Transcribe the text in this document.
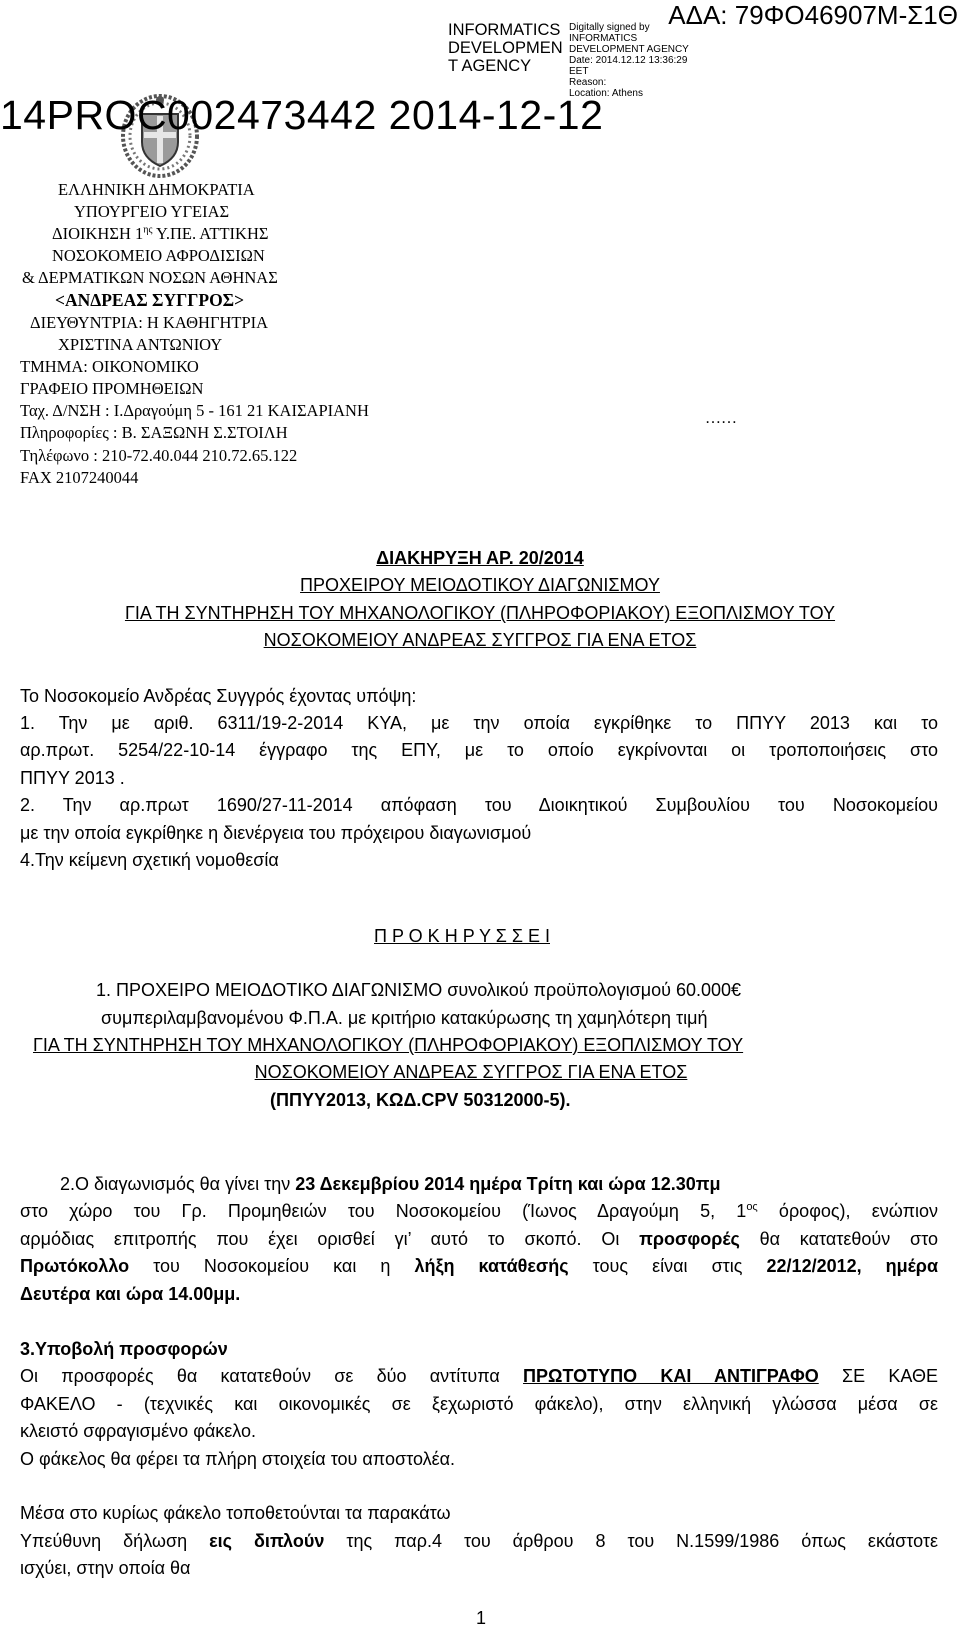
ΑΔΑ: 79ΦΟ46907Μ-Σ1Θ
INFORMATICS
DEVELOPMEN
T AGENCY
Digitally signed by
INFORMATICS
DEVELOPMENT AGENCY
Date: 2014.12.12 13:36:29
EET
Reason:
Location: Athens
14PROC002473442 2014-12-12
ΕΛΛΗΝΙΚΗ ΔΗΜΟΚΡΑΤΙΑ
ΥΠΟΥΡΓΕΙΟ ΥΓΕΙΑΣ
ΔΙΟΙΚΗΣΗ $1^{\eta\varsigma}$ Υ.ΠΕ. ΑΤΤΙΚΗΣ
ΝΟΣΟΚΟΜΕΙΟ ΑΦΡΟΔΙΣΙΩΝ
& ΔΕΡΜΑΤΙΚΩΝ ΝΟΣΩΝ ΑΘΗΝΑΣ
<ΑΝΔΡΕΑΣ ΣΥΓΓΡΟΣ>
ΔΙΕΥΘΥΝΤΡΙΑ: Η ΚΑΘΗΓΗΤΡΙΑ
ΧΡΙΣΤΙΝΑ ΑΝΤΩΝΙΟΥ
ΤΜΗΜΑ: ΟΙΚΟΝΟΜΙΚΟ
ΓΡΑΦΕΙΟ ΠΡΟΜΗΘΕΙΩΝ
Ταχ. Δ/ΝΣΗ : Ι.Δραγούμη 5 - 161 21 ΚΑΙΣΑΡΙΑΝΗ
Πληροφορίες : Β. ΣΑΞΩΝΗ Σ.ΣΤΟΙΛΗ
Τηλέφωνο : 210-72.40.044 210.72.65.122
FAX 2107240044
……
ΔΙΑΚΗΡΥΞΗ ΑΡ. 20/2014
ΠΡΟΧΕΙΡΟΥ ΜΕΙΟΔΟΤΙΚΟΥ ΔΙΑΓΩΝΙΣΜΟΥ
ΓΙΑ ΤΗ ΣΥΝΤΗΡΗΣΗ ΤΟΥ ΜΗΧΑΝΟΛΟΓΙΚΟΥ (ΠΛΗΡΟΦΟΡΙΑΚΟΥ) ΕΞΟΠΛΙΣΜΟΥ ΤΟΥ
ΝΟΣΟΚΟΜΕΙΟΥ ΑΝΔΡΕΑΣ ΣΥΓΓΡΟΣ ΓΙΑ ΕΝΑ ΕΤΟΣ
Το Νοσοκομείο Ανδρέας Συγγρός έχοντας υπόψη:
1. Την με αριθ. 6311/19-2-2014 ΚΥΑ, με την οποία εγκρίθηκε το ΠΠΥΥ 2013 και το
αρ.πρωτ. 5254/22-10-14 έγγραφο της ΕΠΥ, με το οποίο εγκρίνονται οι τροποποιήσεις στο
ΠΠΥΥ 2013 .
2. Την αρ.πρωτ 1690/27-11-2014 απόφαση του Διοικητικού Συμβουλίου του Νοσοκομείου
με την οποία εγκρίθηκε η διενέργεια του πρόχειρου διαγωνισμού
4.Την κείμενη σχετική νομοθεσία
Π Ρ Ο Κ Η Ρ Υ Σ Σ Ε Ι
1. ΠΡΟΧΕΙΡΟ ΜΕΙΟΔΟΤΙΚΟ ΔΙΑΓΩΝΙΣΜΟ συνολικού προϋπολογισμού 60.000€
συμπεριλαμβανομένου Φ.Π.Α. με κριτήριο κατακύρωσης τη χαμηλότερη τιμή
ΓΙΑ ΤΗ ΣΥΝΤΗΡΗΣΗ ΤΟΥ ΜΗΧΑΝΟΛΟΓΙΚΟΥ (ΠΛΗΡΟΦΟΡΙΑΚΟΥ) ΕΞΟΠΛΙΣΜΟΥ ΤΟΥ
ΝΟΣΟΚΟΜΕΙΟΥ ΑΝΔΡΕΑΣ ΣΥΓΓΡΟΣ ΓΙΑ ΕΝΑ ΕΤΟΣ
(ΠΠΥΥ2013, ΚΩΔ.CPV 50312000-5).
2.Ο διαγωνισμός θα γίνει την 23 Δεκεμβρίου 2014 ημέρα Τρίτη και ώρα 12.30πμ
στο χώρο του Γρ. Προμηθειών του Νοσοκομείου (Ίωνος Δραγούμη 5, $1^{o\varsigma}$ όροφος), ενώπιον
αρμόδιας επιτροπής που έχει ορισθεί γι’ αυτό το σκοπό. Οι προσφορές θα κατατεθούν στο
Πρωτόκολλο του Νοσοκομείου και η λήξη κατάθεσής τους είναι στις 22/12/2012, ημέρα
Δευτέρα και ώρα 14.00μμ.
3.Υποβολή προσφορών
Οι προσφορές θα κατατεθούν σε δύο αντίτυπα ΠΡΩΤΟΤΥΠΟ ΚΑΙ ΑΝΤΙΓΡΑΦΟ ΣΕ ΚΑΘΕ
ΦΑΚΕΛΟ - (τεχνικές και οικονομικές σε ξεχωριστό φάκελο), στην ελληνική γλώσσα μέσα σε
κλειστό σφραγισμένο φάκελο.
Ο φάκελος θα φέρει τα πλήρη στοιχεία του αποστολέα.
Μέσα στο κυρίως φάκελο τοποθετούνται τα παρακάτω
Υπεύθυνη δήλωση εις διπλούν της παρ.4 του άρθρου 8 του Ν.1599/1986 όπως εκάστοτε
ισχύει, στην οποία θα
1
